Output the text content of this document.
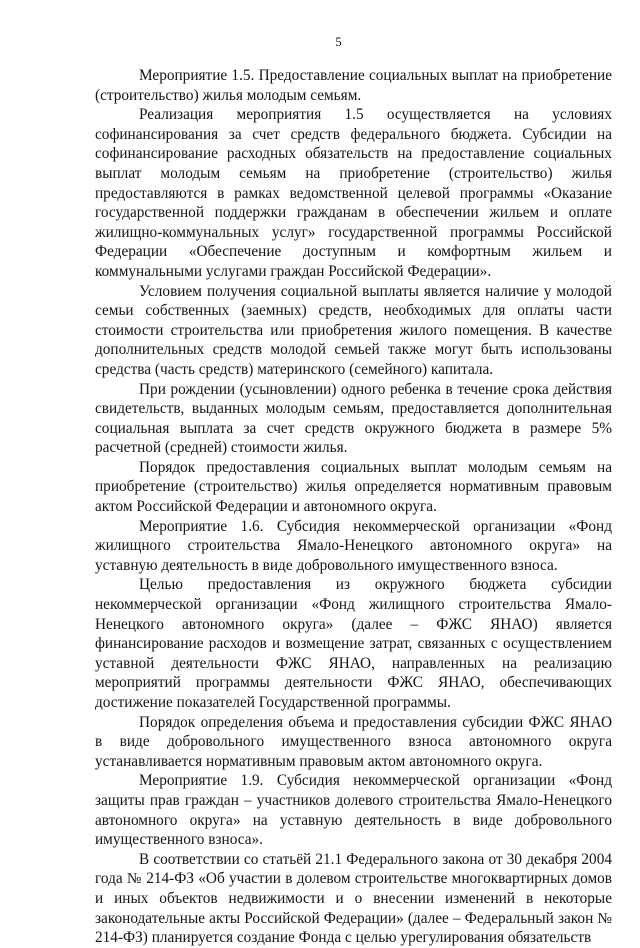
5

Мероприятие 1.5. Предоставление социальных выплат на приобретение (строительство) жилья молодым семьям.

Реализация мероприятия 1.5 осуществляется на условиях софинансирования за счет средств федерального бюджета. Субсидии на софинансирование расходных обязательств на предоставление социальных выплат молодым семьям на приобретение (строительство) жилья предоставляются в рамках ведомственной целевой программы «Оказание государственной поддержки гражданам в обеспечении жильем и оплате жилищно-коммунальных услуг» государственной программы Российской Федерации «Обеспечение доступным и комфортным жильем и коммунальными услугами граждан Российской Федерации».

Условием получения социальной выплаты является наличие у молодой семьи собственных (заемных) средств, необходимых для оплаты части стоимости строительства или приобретения жилого помещения. В качестве дополнительных средств молодой семьей также могут быть использованы средства (часть средств) материнского (семейного) капитала.

При рождении (усыновлении) одного ребенка в течение срока действия свидетельств, выданных молодым семьям, предоставляется дополнительная социальная выплата за счет средств окружного бюджета в размере 5% расчетной (средней) стоимости жилья.

Порядок предоставления социальных выплат молодым семьям на приобретение (строительство) жилья определяется нормативным правовым актом Российской Федерации и автономного округа.

Мероприятие 1.6. Субсидия некоммерческой организации «Фонд жилищного строительства Ямало-Ненецкого автономного округа» на уставную деятельность в виде добровольного имущественного взноса.

Целью предоставления из окружного бюджета субсидии некоммерческой организации «Фонд жилищного строительства Ямало-Ненецкого автономного округа» (далее – ФЖС ЯНАО) является финансирование расходов и возмещение затрат, связанных с осуществлением уставной деятельности ФЖС ЯНАО, направленных на реализацию мероприятий программы деятельности ФЖС ЯНАО, обеспечивающих достижение показателей Государственной программы.

Порядок определения объема и предоставления субсидии ФЖС ЯНАО в виде добровольного имущественного взноса автономного округа устанавливается нормативным правовым актом автономного округа.

Мероприятие 1.9. Субсидия некоммерческой организации «Фонд защиты прав граждан – участников долевого строительства Ямало-Ненецкого автономного округа» на уставную деятельность в виде добровольного имущественного взноса».

В соответствии со статьёй 21.1 Федерального закона от 30 декабря 2004 года № 214-ФЗ «Об участии в долевом строительстве многоквартирных домов и иных объектов недвижимости и о внесении изменений в некоторые законодательные акты Российской Федерации» (далее – Федеральный закон № 214-ФЗ) планируется создание Фонда с целью урегулирования обязательств
